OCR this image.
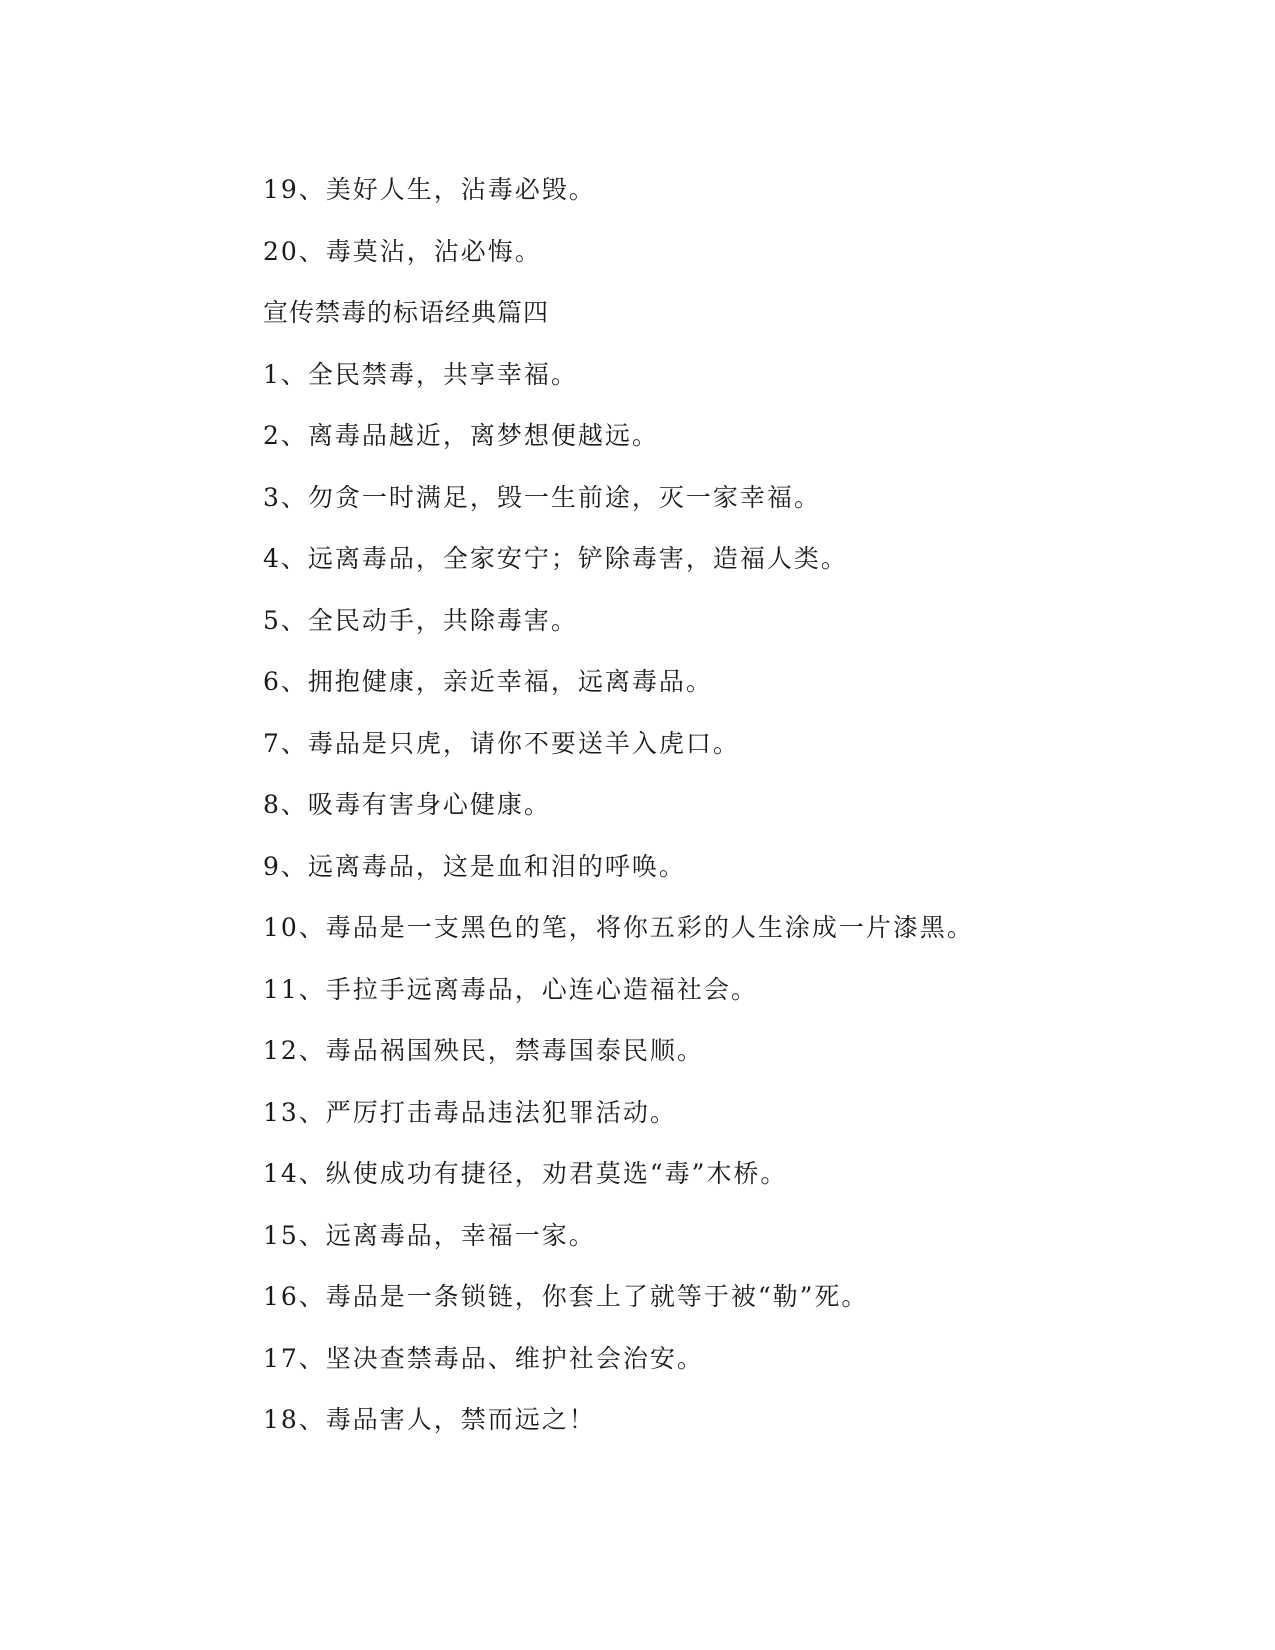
19、美好人生，沾毒必毁。
20、毒莫沾，沾必悔。
宣传禁毒的标语经典篇四
1、全民禁毒，共享幸福。
2、离毒品越近，离梦想便越远。
3、勿贪一时满足，毁一生前途，灭一家幸福。
4、远离毒品，全家安宁；铲除毒害，造福人类。
5、全民动手，共除毒害。
6、拥抱健康，亲近幸福，远离毒品。
7、毒品是只虎，请你不要送羊入虎口。
8、吸毒有害身心健康。
9、远离毒品，这是血和泪的呼唤。
10、毒品是一支黑色的笔，将你五彩的人生涂成一片漆黑。
11、手拉手远离毒品，心连心造福社会。
12、毒品祸国殃民，禁毒国泰民顺。
13、严厉打击毒品违法犯罪活动。
14、纵使成功有捷径，劝君莫选“毒”木桥。
15、远离毒品，幸福一家。
16、毒品是一条锁链，你套上了就等于被“勒”死。
17、坚决查禁毒品、维护社会治安。
18、毒品害人，禁而远之！
